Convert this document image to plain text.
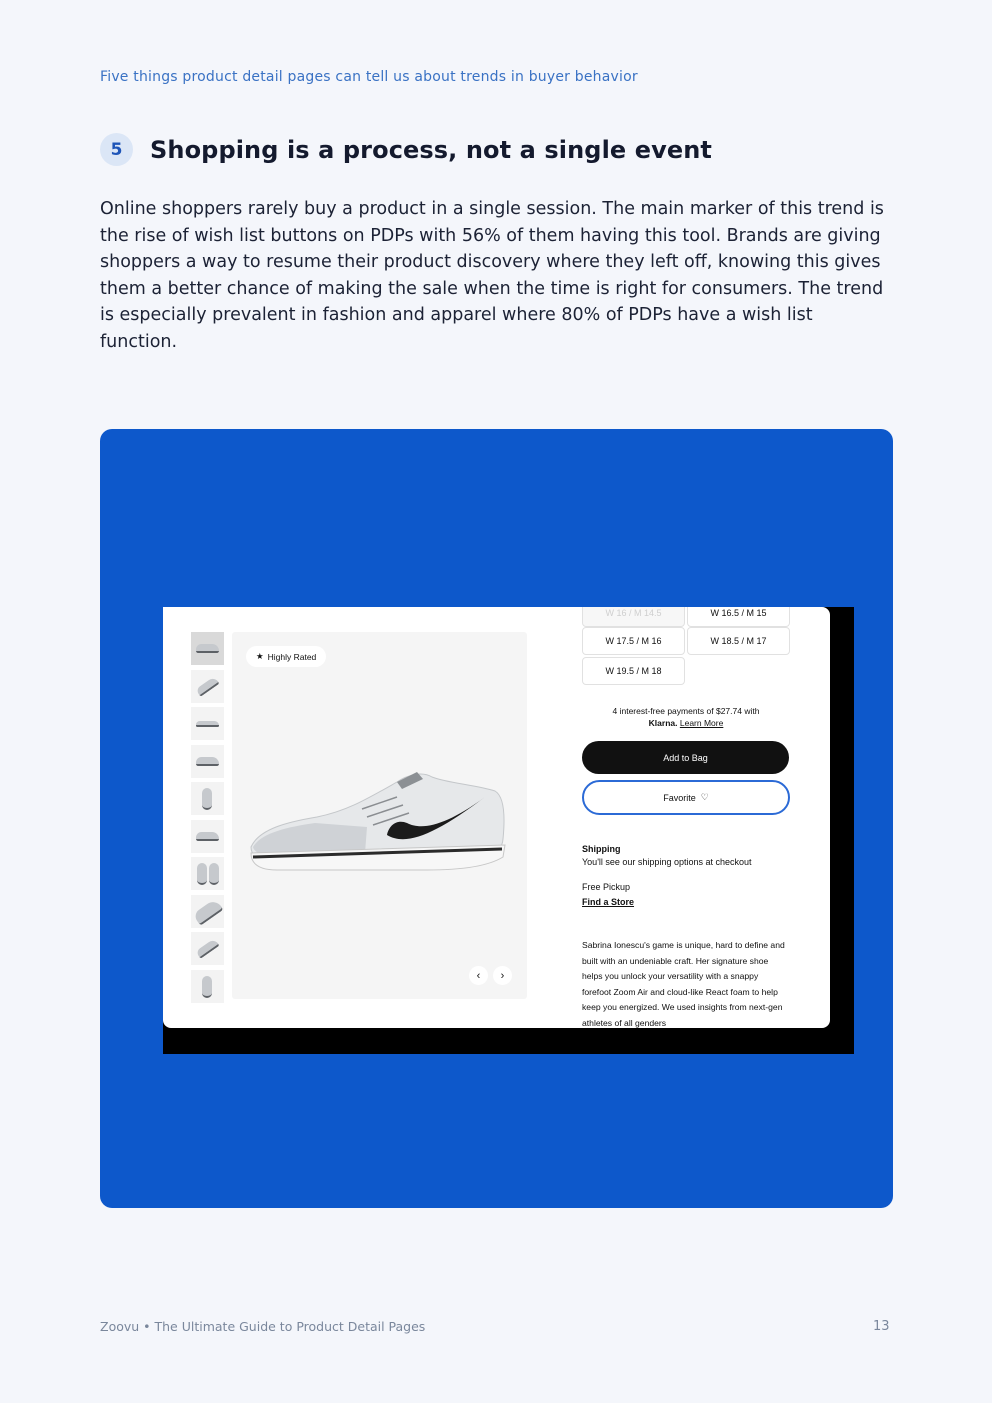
Five things product detail pages can tell us about trends in buyer behavior
5	Shopping is a process, not a single event

Online shoppers rarely buy a product in a single session. The main marker of this trend is the rise of wish list buttons on PDPs with 56% of them having this tool. Brands are giving shoppers a way to resume their product discovery where they left off, knowing this gives them a better chance of making the sale when the time is right for consumers. The trend is especially prevalent in fashion and apparel where 80% of PDPs have a wish list function.

★ Highly Rated
‹ ›
W 16 / M 14.5	W 16.5 / M 15
W 17.5 / M 16	W 18.5 / M 17
W 19.5 / M 18
4 interest-free payments of $27.74 with
Klarna. Learn More
Add to Bag
Favorite ♡
Shipping
You'll see our shipping options at checkout
Free Pickup
Find a Store
Sabrina Ionescu's game is unique, hard to define and built with an undeniable craft. Her signature shoe helps you unlock your versatility with a snappy forefoot Zoom Air and cloud-like React foam to help keep you energized. We used insights from next-gen athletes of all genders
Zoovu • The Ultimate Guide to Product Detail Pages	13
